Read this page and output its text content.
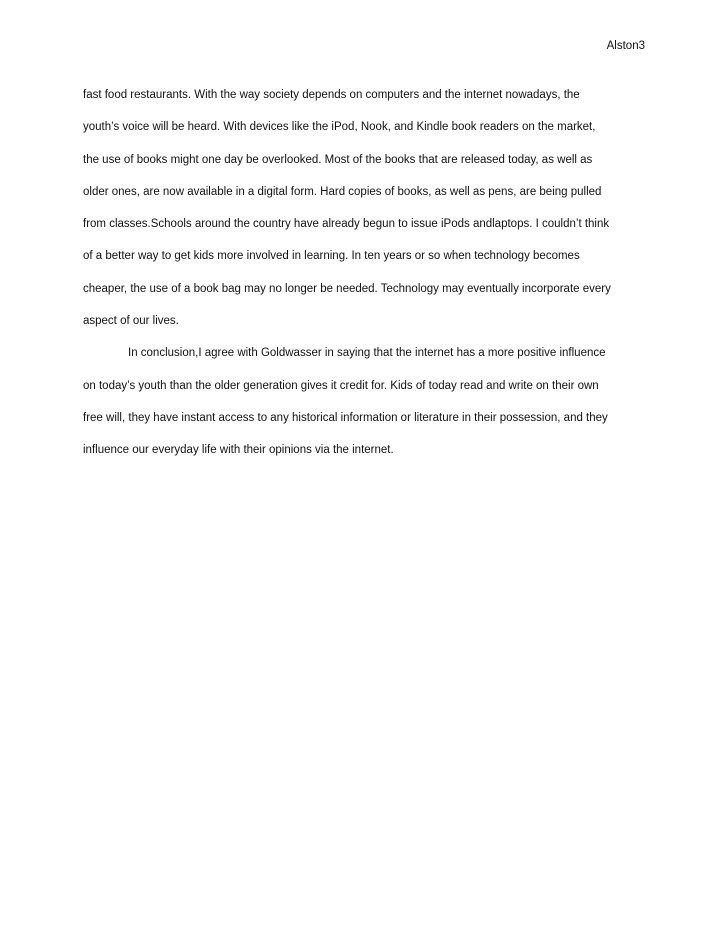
Alston3
fast food restaurants. With the way society depends on computers and the internet nowadays, the
youth’s voice will be heard. With devices like the iPod, Nook, and Kindle book readers on the market,
the use of books might one day be overlooked. Most of the books that are released today, as well as
older ones, are now available in a digital form. Hard copies of books, as well as pens, are being pulled
from classes.Schools around the country have already begun to issue iPods andlaptops. I couldn’t think
of a better way to get kids more involved in learning. In ten years or so when technology becomes
cheaper, the use of a book bag may no longer be needed. Technology may eventually incorporate every
aspect of our lives.
In conclusion,I agree with Goldwasser in saying that the internet has a more positive influence
on today’s youth than the older generation gives it credit for. Kids of today read and write on their own
free will, they have instant access to any historical information or literature in their possession, and they
influence our everyday life with their opinions via the internet.
